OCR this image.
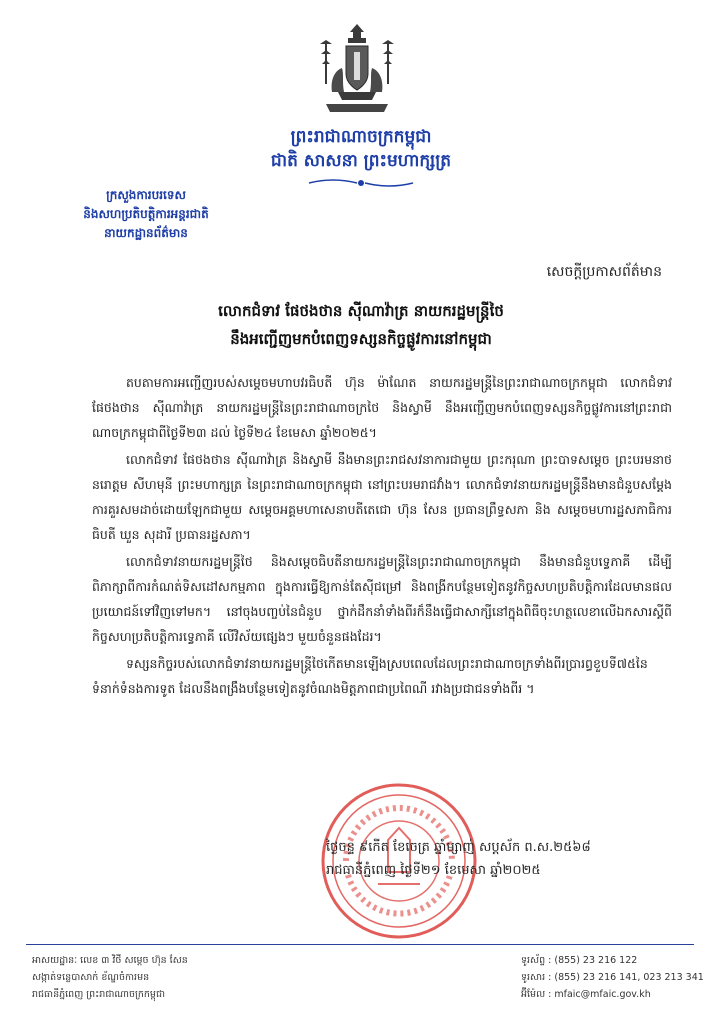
ព្រះរាជាណាចក្រកម្ពុជា
ជាតិ សាសនា ព្រះមហាក្សត្រ
ក្រសួងការបរទេស
និងសហប្រតិបត្តិការអន្តរជាតិ
នាយកដ្ឋានព័ត៌មាន
សេចក្តីប្រកាសព័ត៌មាន
លោកជំទាវ ផែថងថាន ស៊ីណាវ៉ាត្រ នាយករដ្ឋមន្ត្រីថៃ
នឹងអញ្ជើញមកបំពេញទស្សនកិច្ចផ្លូវការនៅកម្ពុជា

តបតាមការអញ្ជើញរបស់សម្តេចមហាបវរធិបតី ហ៊ុន ម៉ាណែត នាយករដ្ឋមន្ត្រីនៃព្រះរាជាណាចក្រកម្ពុជា លោកជំទាវ ផែថងថាន ស៊ីណាវ៉ាត្រ នាយករដ្ឋមន្ត្រីនៃព្រះរាជាណាចក្រថៃ និងស្វាមី នឹងអញ្ជើញមកបំពេញទស្សនកិច្ចផ្លូវការនៅព្រះរាជាណាចក្រកម្ពុជាពីថ្ងៃទី២៣ ដល់ ថ្ងៃទី២៤ ខែមេសា ឆ្នាំ២០២៥។

លោកជំទាវ ផែថងថាន ស៊ីណាវ៉ាត្រ និងស្វាមី នឹងមានព្រះរាជសវនាការជាមួយ ព្រះករុណា ព្រះបាទសម្តេច ព្រះបរមនាថ នរោត្តម សីហមុនី ព្រះមហាក្សត្រ នៃព្រះរាជាណាចក្រកម្ពុជា នៅព្រះបរមរាជវាំង។ លោកជំទាវនាយករដ្ឋមន្ត្រីនឹងមានជំនួបសម្តែងការគួរសមដាច់ដោយឡែកជាមួយ សម្តេចអគ្គមហាសេនាបតីតេជោ ហ៊ុន សែន ប្រធានព្រឹទ្ធសភា និង សម្តេចមហារដ្ឋសភាធិការធិបតី ឃួន សុដារី ប្រធានរដ្ឋសភា។

លោកជំទាវនាយករដ្ឋមន្ត្រីថៃ និងសម្តេចធិបតីនាយករដ្ឋមន្ត្រីនៃព្រះរាជាណាចក្រកម្ពុជា នឹងមានជំនួបទ្វេភាគី ដើម្បីពិភាក្សាពីការកំណត់ទិសដៅសកម្មភាព ក្នុងការធ្វើឱ្យកាន់តែស៊ីជម្រៅ និងពង្រីកបន្ថែមទៀតនូវកិច្ចសហប្រតិបត្តិការដែលមានផលប្រយោជន៍ទៅវិញទៅមក។ នៅចុងបញ្ចប់នៃជំនួប ថ្នាក់ដឹកនាំទាំងពីរក៏នឹងធ្វើជាសាក្សីនៅក្នុងពិធីចុះហត្ថលេខាលើឯកសារស្តីពីកិច្ចសហប្រតិបត្តិការទ្វេភាគី លើវិស័យផ្សេងៗ មួយចំនួនផងដែរ។

ទស្សនកិច្ចរបស់លោកជំទាវនាយករដ្ឋមន្ត្រីថៃកើតមានឡើងស្របពេលដែលព្រះរាជាណាចក្រទាំងពីរប្រារព្ធខួបទី៧៥នៃទំនាក់ទំនងការទូត ដែលនឹងពង្រឹងបន្ថែមទៀតនូវចំណងមិត្តភាពជាប្រពៃណី រវាងប្រជាជនទាំងពីរ ។

ថ្ងៃចន្ទ ៩កើត ខែចេត្រ ឆ្នាំម្សាញ់ សប្តស័ក ព.ស.២៥៦៨
រាជធានីភ្នំពេញ ថ្ងៃទី២១ ខែមេសា ឆ្នាំ២០២៥
អាសយដ្ឋានៈ លេខ ៣ វិថី សម្តេច ហ៊ុន សែន
សង្កាត់ទន្លេបាសាក់ ខ័ណ្ឌចំការមន
រាជធានីភ្នំពេញ ព្រះរាជាណាចក្រកម្ពុជា
ទូរស័ព្ទ : (855) 23 216 122
ទូរសារ : (855) 23 216 141, 023 213 341
អ៊ីម៉ែល : mfaic@mfaic.gov.kh
